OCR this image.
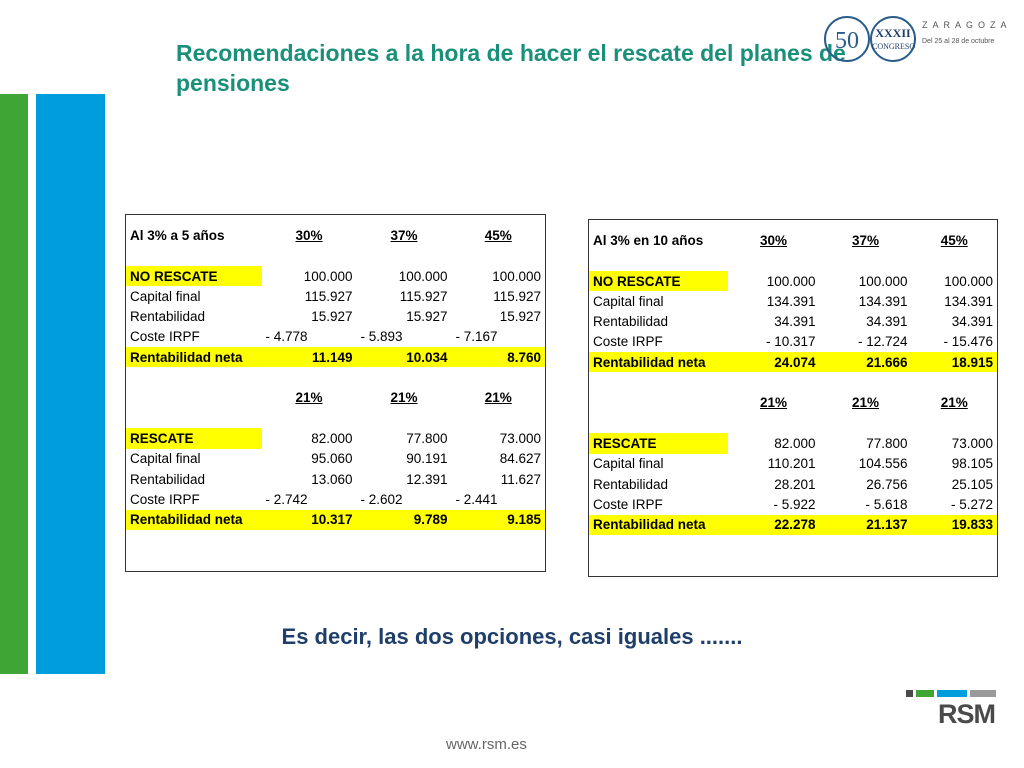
Recomendaciones a la hora de hacer el rescate del planes de pensiones
50	XXXII
CONGRESO
ZARAGOZA
Del 25 al 28 de octubre
Al 3% a 5 años	30%	37%	45%

NO RESCATE	100.000	100.000	100.000
Capital final	115.927	115.927	115.927
Rentabilidad	15.927	15.927	15.927
Coste IRPF	- 4.778	- 5.893	- 7.167
Rentabilidad neta	11.149	10.034	8.760

	21%	21%	21%

RESCATE	82.000	77.800	73.000
Capital final	95.060	90.191	84.627
Rentabilidad	13.060	12.391	11.627
Coste IRPF	- 2.742	- 2.602	- 2.441
Rentabilidad neta	10.317	9.789	9.185

Al 3% en 10 años	30%	37%	45%

NO RESCATE	100.000	100.000	100.000
Capital final	134.391	134.391	134.391
Rentabilidad	34.391	34.391	34.391
Coste IRPF	- 10.317	- 12.724	- 15.476
Rentabilidad neta	24.074	21.666	18.915

	21%	21%	21%

RESCATE	82.000	77.800	73.000
Capital final	110.201	104.556	98.105
Rentabilidad	28.201	26.756	25.105
Coste IRPF	- 5.922	- 5.618	- 5.272
Rentabilidad neta	22.278	21.137	19.833

Es decir, las dos opciones, casi iguales .......
www.rsm.es
RSM
